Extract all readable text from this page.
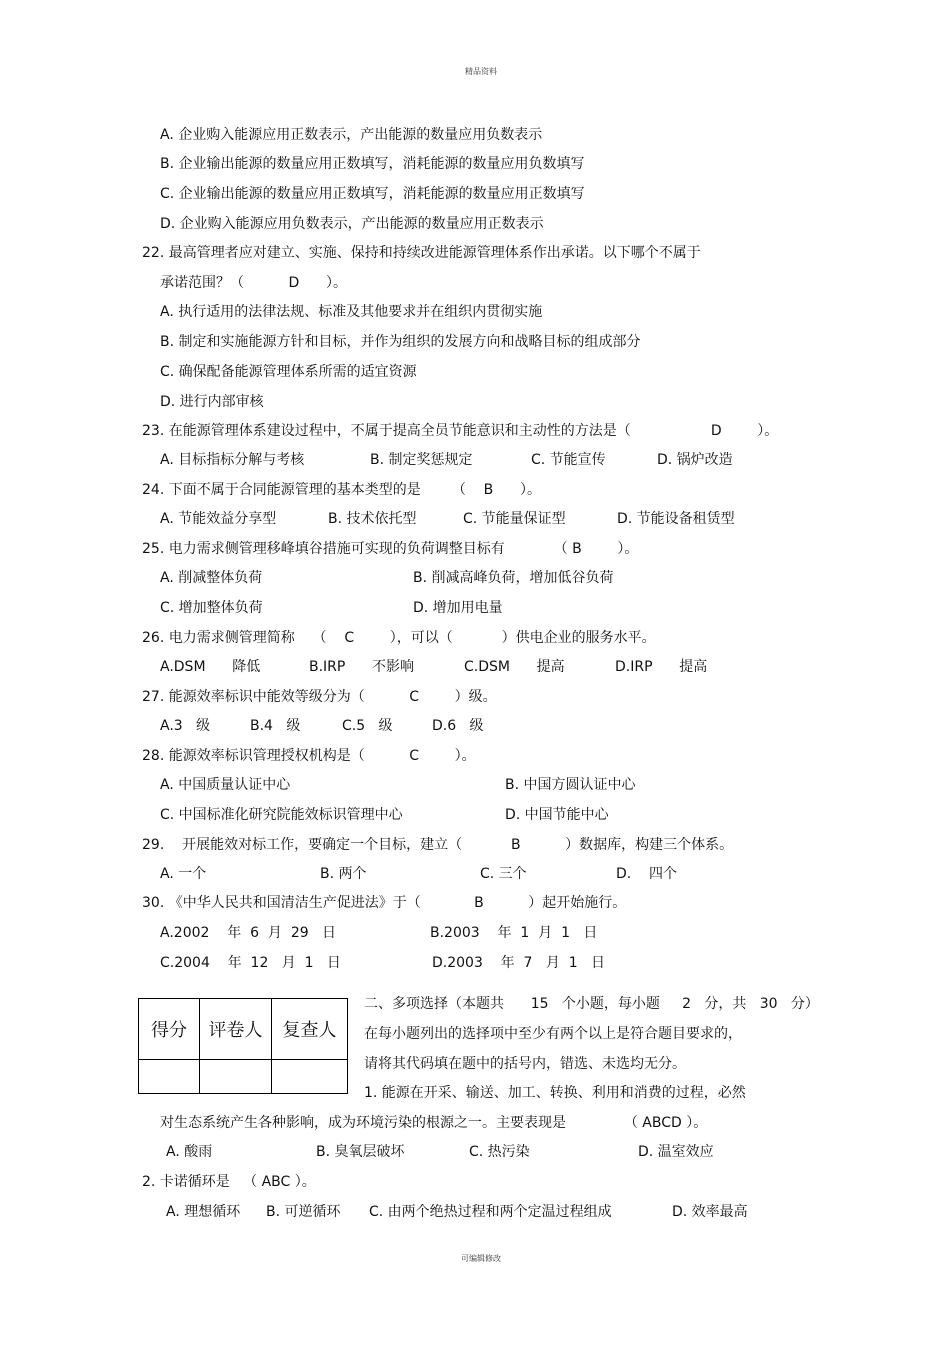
精品资料
A. 企业购入能源应用正数表示，产出能源的数量应用负数表示
B. 企业输出能源的数量应用正数填写，消耗能源的数量应用负数填写
C. 企业输出能源的数量应用正数填写，消耗能源的数量应用正数填写
D. 企业购入能源应用负数表示，产出能源的数量应用正数表示
22. 最高管理者应对建立、实施、保持和持续改进能源管理体系作出承诺。以下哪个不属于
承诺范围？（          D      ）。
A. 执行适用的法律法规、标准及其他要求并在组织内贯彻实施
B. 制定和实施能源方针和目标，并作为组织的发展方向和战略目标的组成部分
C. 确保配备能源管理体系所需的适宜资源
D. 进行内部审核
23. 在能源管理体系建设过程中，不属于提高全员节能意识和主动性的方法是（                  D        ）。
A. 目标指标分解与考核	B. 制定奖惩规定	C. 节能宣传	D. 锅炉改造
24. 下面不属于合同能源管理的基本类型的是       （    B      ）。
A. 节能效益分享型	B. 技术依托型	C. 节能量保证型	D. 节能设备租赁型
25. 电力需求侧管理移峰填谷措施可实现的负荷调整目标有           （ B        ）。
A. 削减整体负荷	B. 削减高峰负荷，增加低谷负荷
C. 增加整体负荷	D. 增加用电量
26. 电力需求侧管理简称    （    C        ），可以（           ）供电企业的服务水平。
A.DSM      降低	B.IRP      不影响	C.DSM      提高	D.IRP      提高
27. 能源效率标识中能效等级分为（          C        ）级。
A.3   级	B.4   级	C.5   级	D.6   级
28. 能源效率标识管理授权机构是（          C        ）。
A. 中国质量认证中心	B. 中国方圆认证中心
C. 中国标准化研究院能效标识管理中心	D. 中国节能中心
29.    开展能效对标工作，要确定一个目标，建立（           B          ）数据库，构建三个体系。
A. 一个	B. 两个	C. 三个	D.    四个
30. 《中华人民共和国清洁生产促进法》于（            B          ）起开始施行。
A.2002    年  6  月  29   日	B.2003    年  1  月  1   日
C.2004    年  12   月  1   日	D.2003    年  7   月  1   日
得分	评卷人	复查人

二、多项选择（本题共      15   个小题，每小题     2   分，共   30   分）
在每小题列出的选择项中至少有两个以上是符合题目要求的，
请将其代码填在题中的括号内，错选、未选均无分。
1. 能源在开采、输送、加工、转换、利用和消费的过程，必然
对生态系统产生各种影响，成为环境污染的根源之一。主要表现是             （ ABCD ）。
A. 酸雨	B. 臭氧层破坏	C. 热污染	D. 温室效应
2. 卡诺循环是   （ ABC ）。
A. 理想循环 B. 可逆循环 C. 由两个绝热过程和两个定温过程组成	D. 效率最高
可编辑修改
